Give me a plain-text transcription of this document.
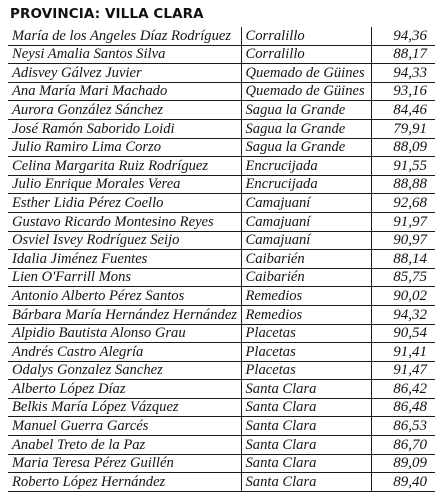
PROVINCIA: VILLA CLARA
María de los Angeles Díaz Rodríguez	Corralillo	94,36
Neysi Amalia Santos Silva	Corralillo	88,17
Adisvey Gálvez Juvier	Quemado de Güines	94,33
Ana María Mari Machado	Quemado de Güines	93,16
Aurora González Sánchez	Sagua la Grande	84,46
José Ramón Saborido Loidi	Sagua la Grande	79,91
Julio Ramiro Lima Corzo	Sagua la Grande	88,09
Celina Margarita Ruiz Rodríguez	Encrucijada	91,55
Julio Enrique Morales Verea	Encrucijada	88,88
Esther Lidia Pérez Coello	Camajuaní	92,68
Gustavo Ricardo Montesino Reyes	Camajuaní	91,97
Osviel Isvey Rodríguez Seijo	Camajuaní	90,97
Idalia Jiménez Fuentes	Caibarién	88,14
Lien O'Farrill Mons	Caibarién	85,75
Antonio Alberto Pérez Santos	Remedios	90,02
Bárbara María Hernández Hernández	Remedios	94,32
Alpidio Bautista Alonso Grau	Placetas	90,54
Andrés Castro Alegría	Placetas	91,41
Odalys Gonzalez Sanchez	Placetas	91,47
Alberto López Díaz	Santa Clara	86,42
Belkis María López Vázquez	Santa Clara	86,48
Manuel Guerra Garcés	Santa Clara	86,53
Anabel Treto de la Paz	Santa Clara	86,70
Maria Teresa Pérez Guillén	Santa Clara	89,09
Roberto López Hernández	Santa Clara	89,40
